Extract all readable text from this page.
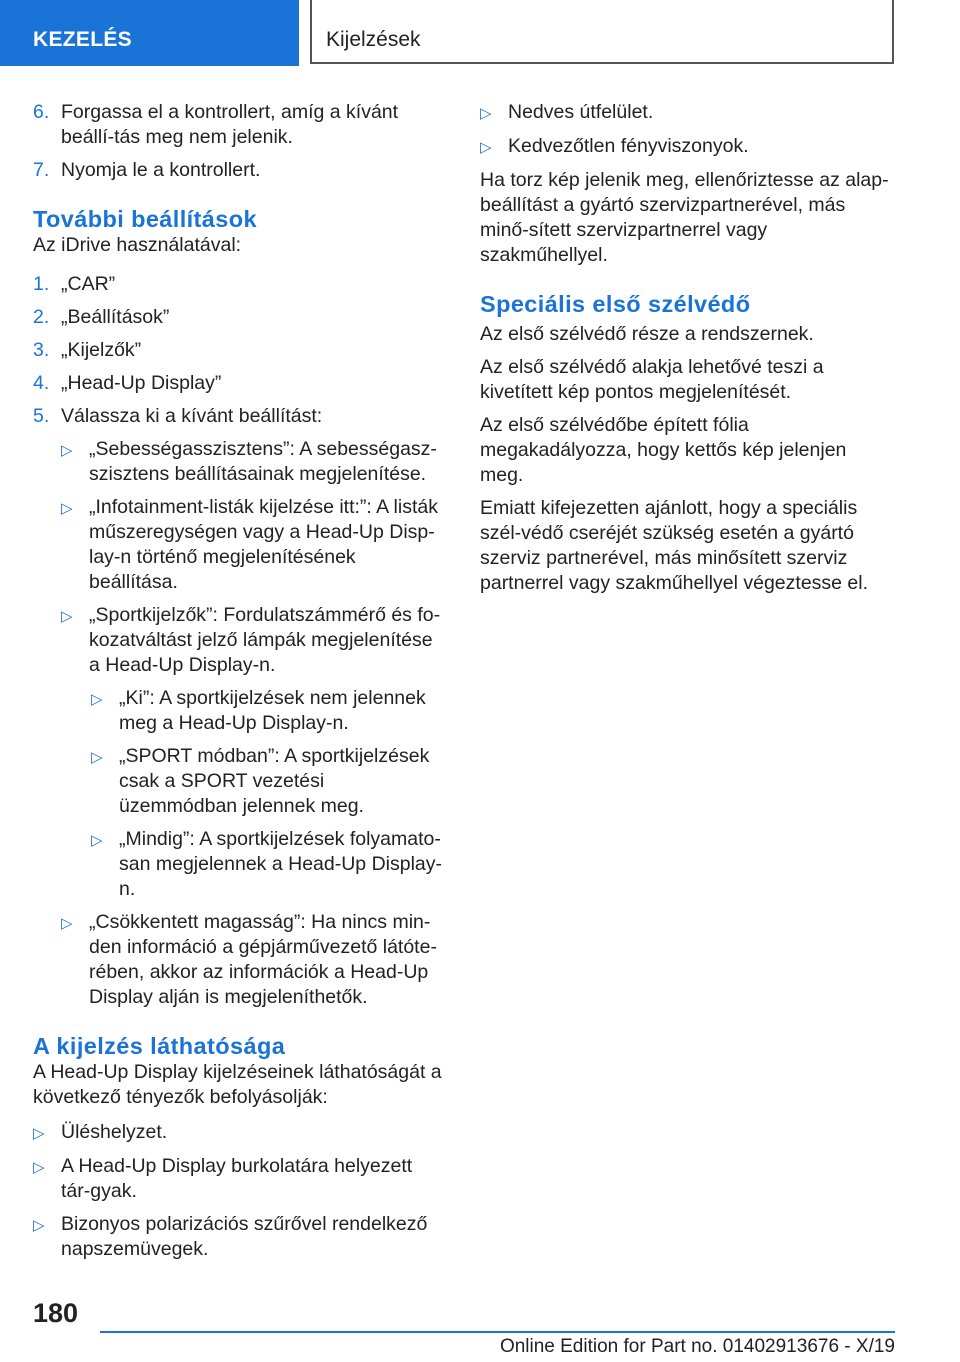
KEZELÉS	Kijelzések
6. Forgassa el a kontrollert, amíg a kívánt beállí-tás meg nem jelenik.
7. Nyomja le a kontrollert.
További beállítások

Az iDrive használatával:

1. „CAR”
2. „Beállítások”
3. „Kijelzők”
4. „Head-Up Display”
5. Válassza ki a kívánt beállítást:
▷ „Sebességasszisztens”: A sebességasz-szisztens beállításainak megjelenítése.
▷ „Infotainment-listák kijelzése itt:”: A listák műszeregységen vagy a Head-Up Disp-lay-n történő megjelenítésének beállítása.
▷ „Sportkijelzők”: Fordulatszámmérő és fo-kozatváltást jelző lámpák megjelenítése a Head-Up Display-n.
▷ „Ki”: A sportkijelzések nem jelennek meg a Head-Up Display-n.
▷ „SPORT módban”: A sportkijelzések csak a SPORT vezetési üzemmódban jelennek meg.
▷ „Mindig”: A sportkijelzések folyamato-san megjelennek a Head-Up Display-n.
▷ „Csökkentett magasság”: Ha nincs min-den információ a gépjárművezető látóte-rében, akkor az információk a Head-Up Display alján is megjeleníthetők.
A kijelzés láthatósága

A Head-Up Display kijelzéseinek láthatóságát a következő tényezők befolyásolják:

▷ Üléshelyzet.
▷ A Head-Up Display burkolatára helyezett tár-gyak.
▷ Bizonyos polarizációs szűrővel rendelkező napszemüvegek.
▷ Nedves útfelület.
▷ Kedvezőtlen fényviszonyok.

Ha torz kép jelenik meg, ellenőriztesse az alap-beállítást a gyártó szervizpartnerével, más minő-sített szervizpartnerrel vagy szakműhellyel.

Speciális első szélvédő

Az első szélvédő része a rendszernek.

Az első szélvédő alakja lehetővé teszi a kivetített kép pontos megjelenítését.

Az első szélvédőbe épített fólia megakadályozza, hogy kettős kép jelenjen meg.

Emiatt kifejezetten ajánlott, hogy a speciális szél-védő cseréjét szükség esetén a gyártó szerviz partnerével, más minősített szerviz partnerrel vagy szakműhellyel végeztesse el.

180
Online Edition for Part no. 01402913676 - X/19
